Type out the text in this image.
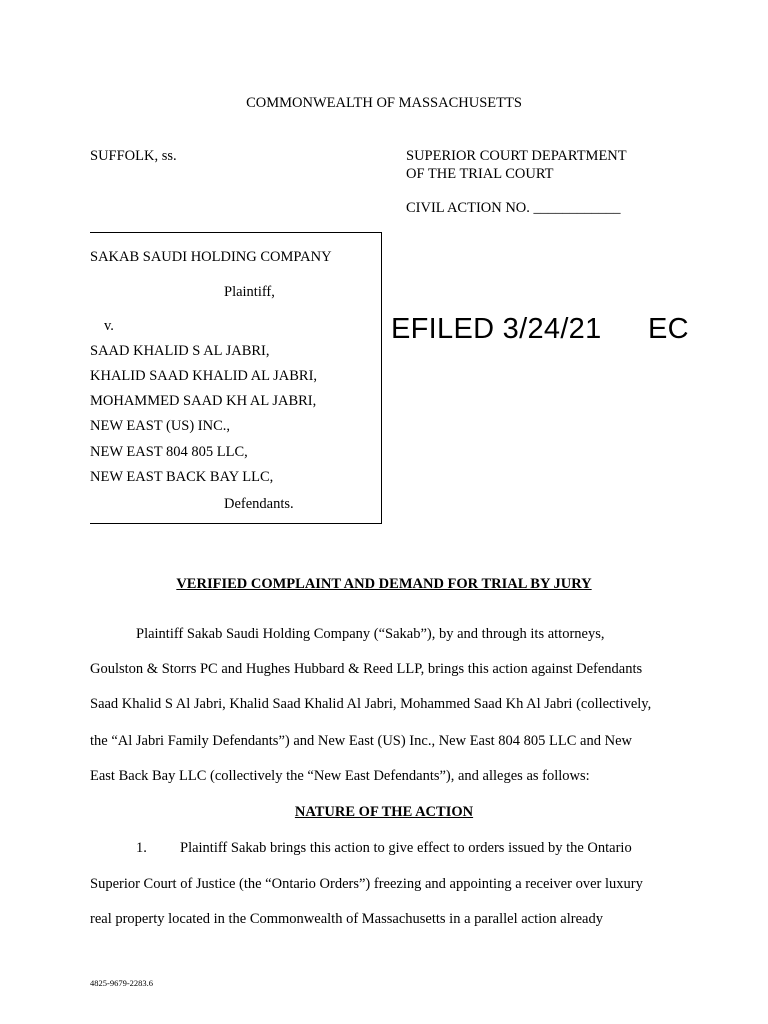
COMMONWEALTH OF MASSACHUSETTS
SUFFOLK, ss.	SUPERIOR COURT DEPARTMENT
OF THE TRIAL COURT
CIVIL ACTION NO. ____________
SAKAB SAUDI HOLDING COMPANY
Plaintiff,
v.
SAAD KHALID S AL JABRI,
KHALID SAAD KHALID AL JABRI,
MOHAMMED SAAD KH AL JABRI,
NEW EAST (US) INC.,
NEW EAST 804 805 LLC,
NEW EAST BACK BAY LLC,
Defendants.
EFILED 3/24/21 EC
VERIFIED COMPLAINT AND DEMAND FOR TRIAL BY JURY
Plaintiff Sakab Saudi Holding Company (“Sakab”), by and through its attorneys,
Goulston & Storrs PC and Hughes Hubbard & Reed LLP, brings this action against Defendants
Saad Khalid S Al Jabri, Khalid Saad Khalid Al Jabri, Mohammed Saad Kh Al Jabri (collectively,
the “Al Jabri Family Defendants”) and New East (US) Inc., New East 804 805 LLC and New
East Back Bay LLC (collectively the “New East Defendants”), and alleges as follows:
NATURE OF THE ACTION
1. Plaintiff Sakab brings this action to give effect to orders issued by the Ontario
Superior Court of Justice (the “Ontario Orders”) freezing and appointing a receiver over luxury
real property located in the Commonwealth of Massachusetts in a parallel action already
4825-9679-2283.6
